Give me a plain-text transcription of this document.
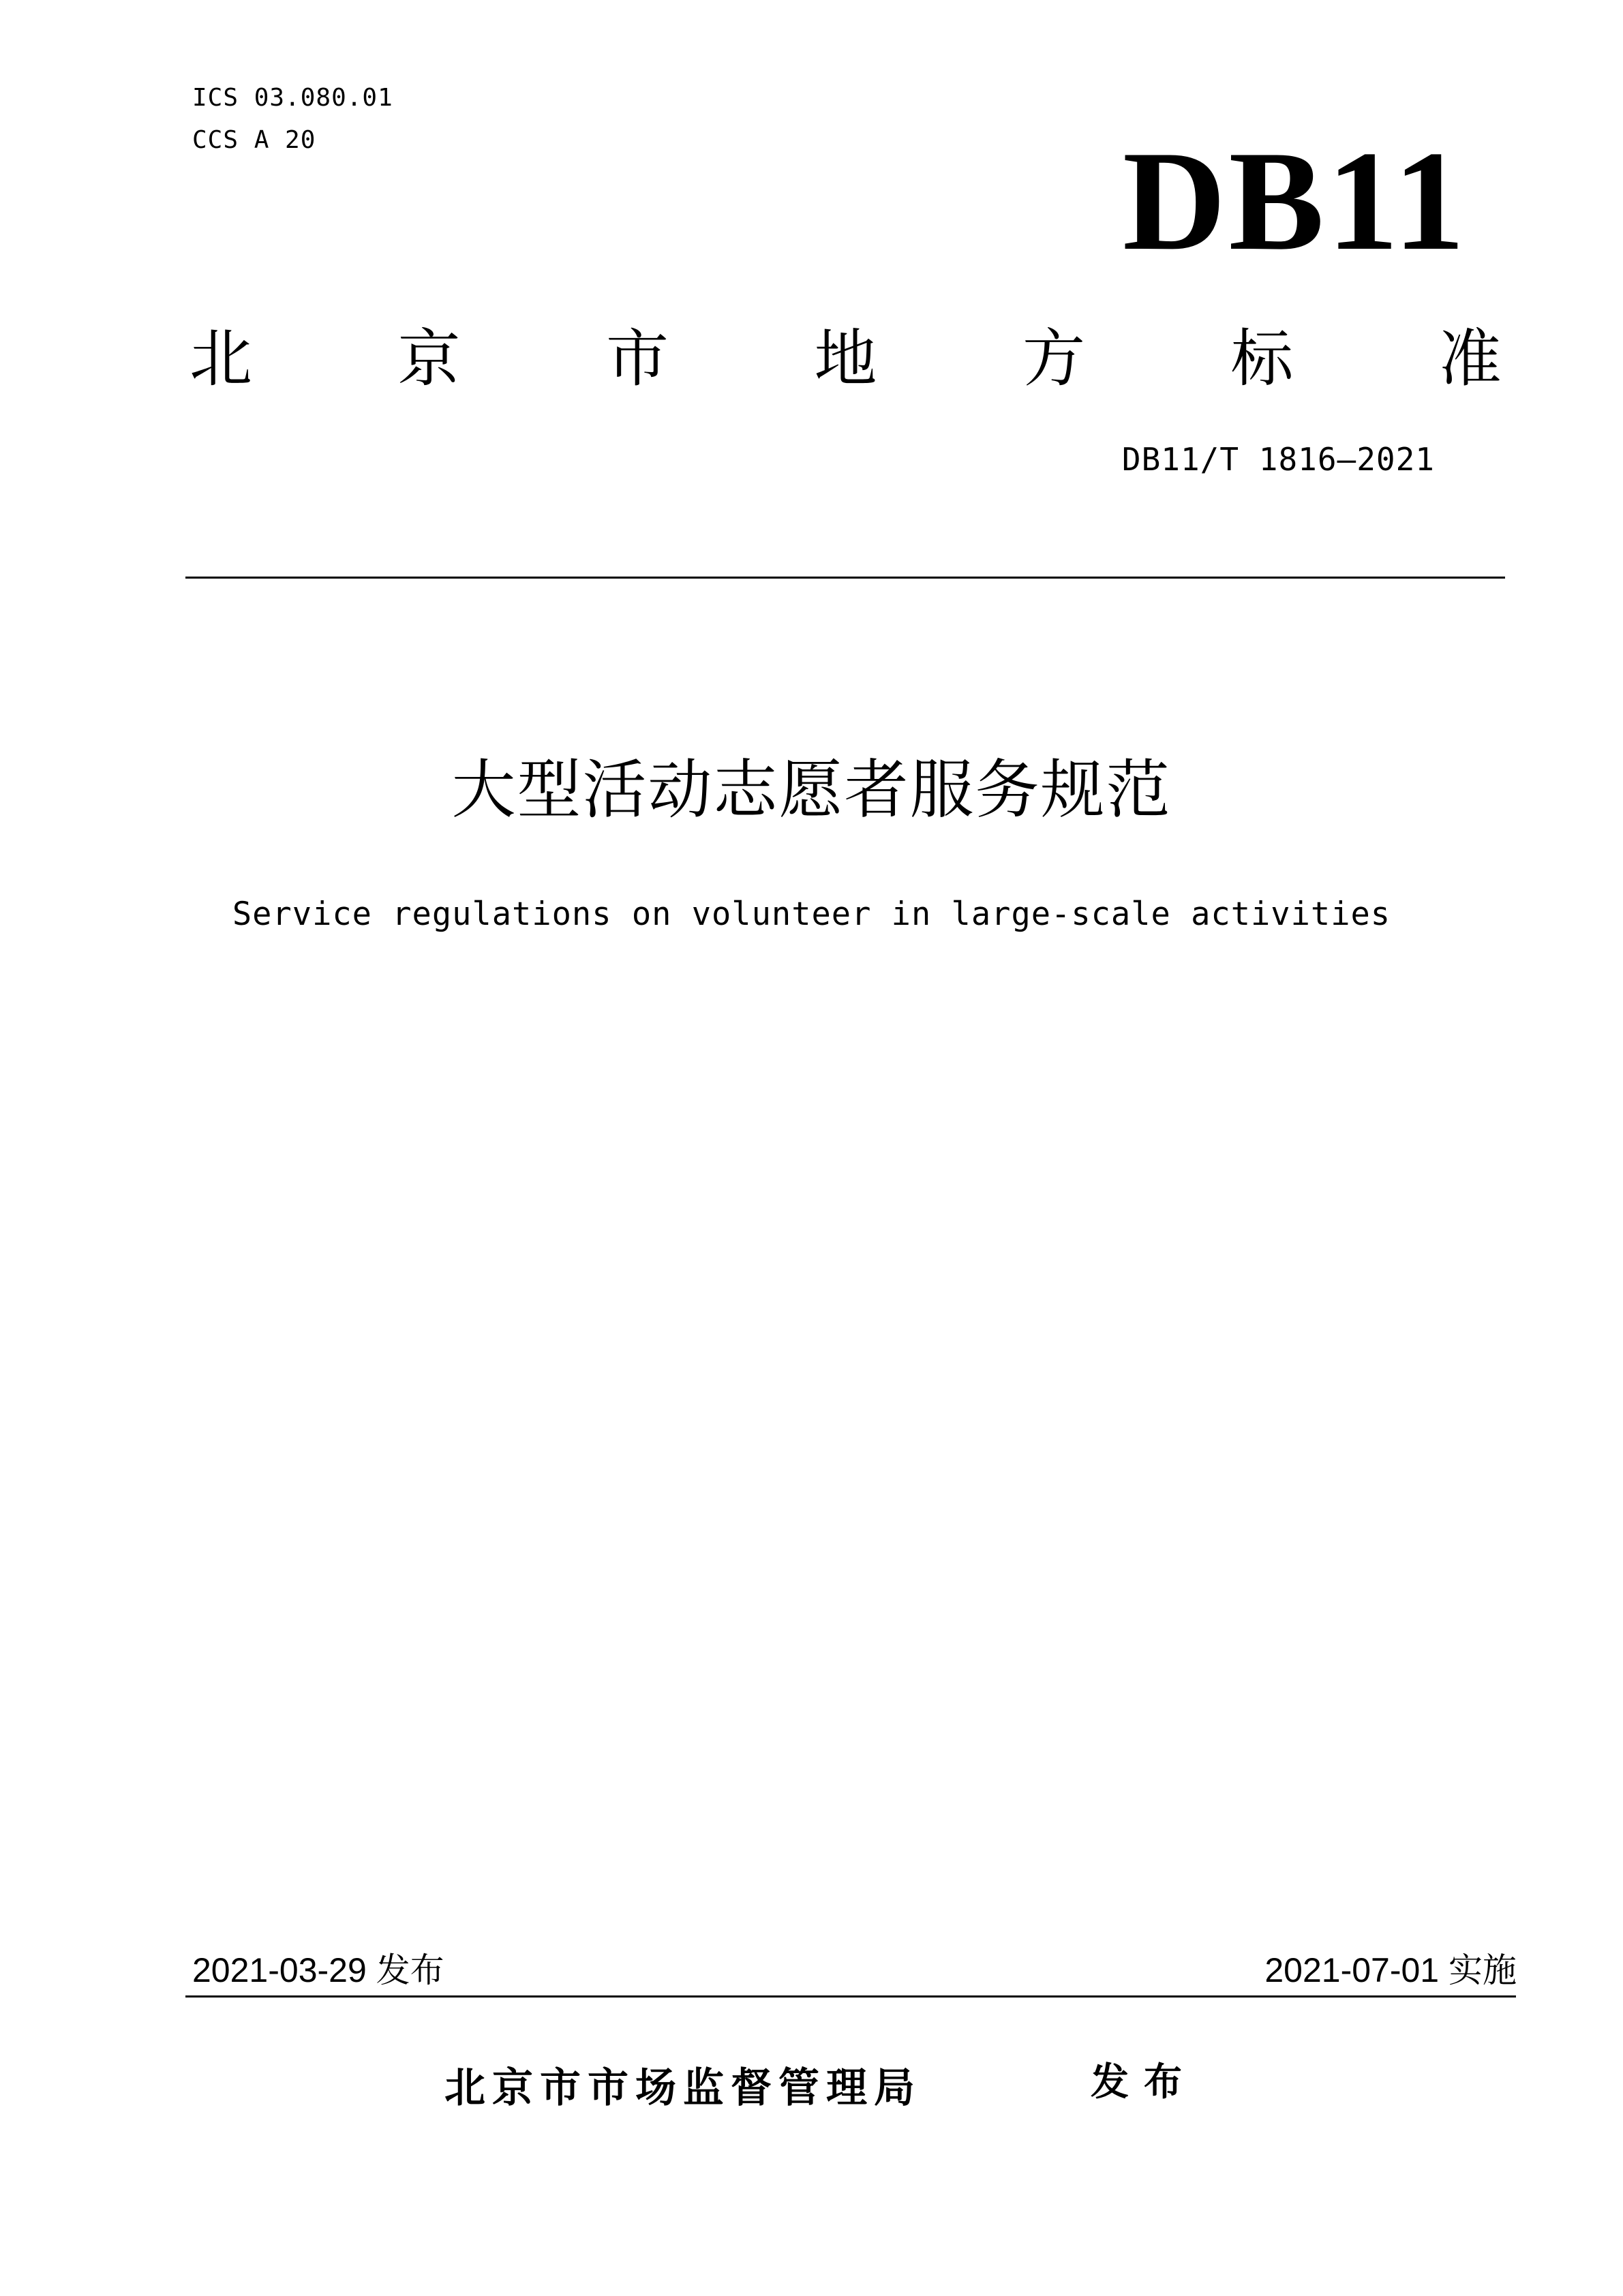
ICS 03.080.01
CCS A 20	DB11
北 京 市 地 方 标 准
DB11/T 1816—2021
大型活动志愿者服务规范
Service regulations on volunteer in large-scale activities
2021-03-29 发布	2021-07-01 实施
北京市市场监督管理局	发布
